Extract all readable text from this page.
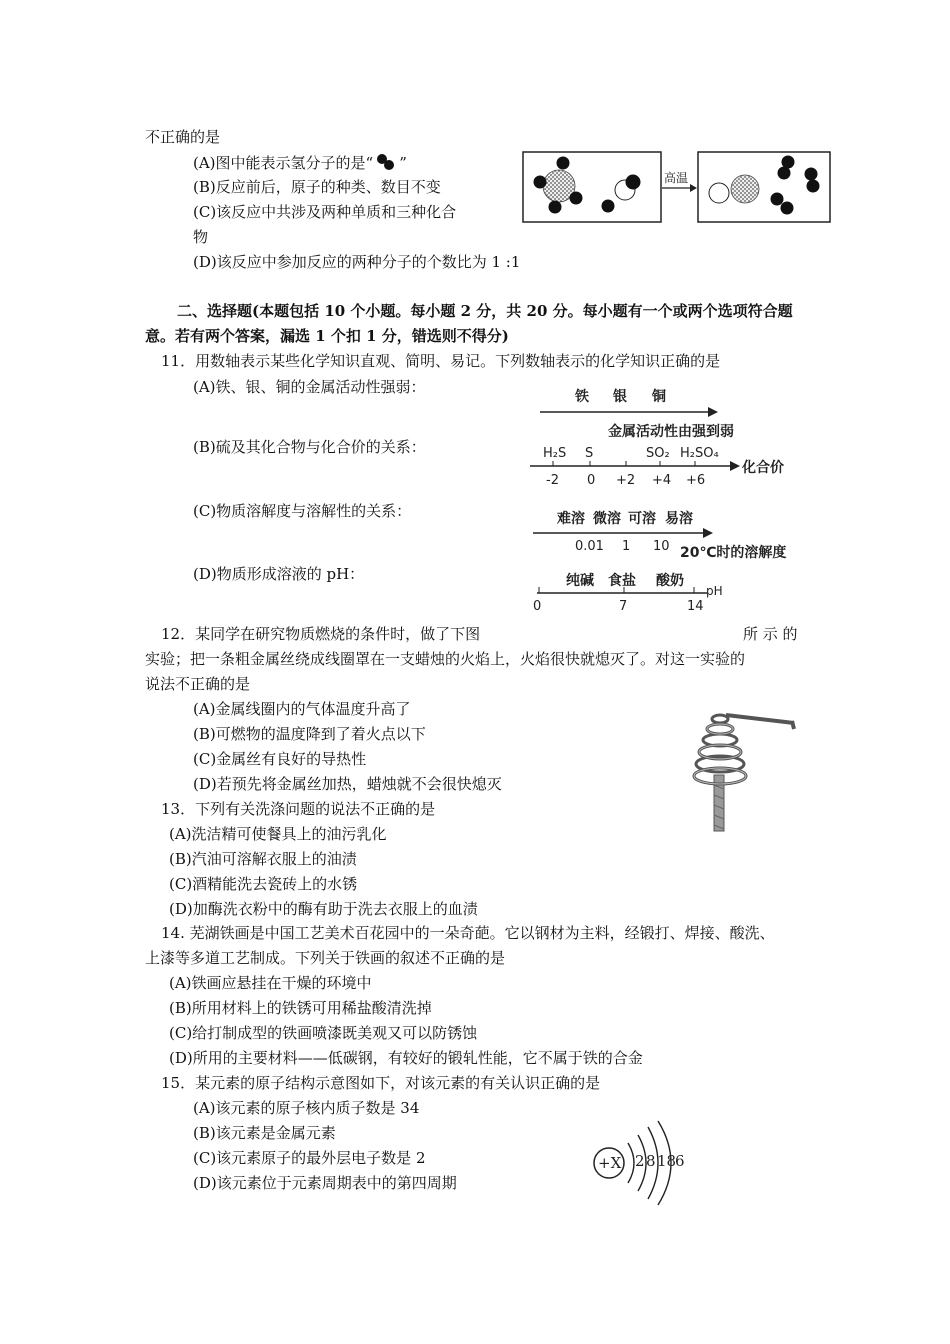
不正确的是
(A)图中能表示氢分子的是“ ”
(B)反应前后，原子的种类、数目不变
(C)该反应中共涉及两种单质和三种化合
物
(D)该反应中参加反应的两种分子的个数比为 1 :1
高温
二、选择题(本题包括 10 个小题。每小题 2 分，共 20 分。每小题有一个或两个选项符合题
意。若有两个答案，漏选 1 个扣 1 分，错选则不得分)
11．用数轴表示某些化学知识直观、简明、易记。下列数轴表示的化学知识正确的是
(A)铁、银、铜的金属活动性强弱：
(B)硫及其化合物与化合价的关系：
(C)物质溶解度与溶解性的关系：
(D)物质形成溶液的 pH：
铁 银 铜
金属活动性由强到弱
H₂S S	SO₂ H₂SO₄
化合价
-2 0 +2 +4 +6
难溶 微溶 可溶 易溶
0.01 1 10 20℃时的溶解度
纯碱 食盐 酸奶
pH
0	7	14
12．某同学在研究物质燃烧的条件时，做了下图	所 示 的
实验；把一条粗金属丝绕成线圈罩在一支蜡烛的火焰上，火焰很快就熄灭了。对这一实验的
说法不正确的是
(A)金属线圈内的气体温度升高了
(B)可燃物的温度降到了着火点以下
(C)金属丝有良好的导热性
(D)若预先将金属丝加热，蜡烛就不会很快熄灭
13．下列有关洗涤问题的说法不正确的是
(A)洗洁精可使餐具上的油污乳化
(B)汽油可溶解衣服上的油渍
(C)酒精能洗去瓷砖上的水锈
(D)加酶洗衣粉中的酶有助于洗去衣服上的血渍
14. 芜湖铁画是中国工艺美术百花园中的一朵奇葩。它以钢材为主料，经锻打、焊接、酸洗、
上漆等多道工艺制成。下列关于铁画的叙述不正确的是
(A)铁画应悬挂在干燥的环境中
(B)所用材料上的铁锈可用稀盐酸清洗掉
(C)给打制成型的铁画喷漆既美观又可以防锈蚀
(D)所用的主要材料——低碳钢，有较好的锻轧性能，它不属于铁的合金
15．某元素的原子结构示意图如下，对该元素的有关认识正确的是
(A)该元素的原子核内质子数是 34
(B)该元素是金属元素
(C)该元素原子的最外层电子数是 2
(D)该元素位于元素周期表中的第四周期
+X 2 8 18
6
